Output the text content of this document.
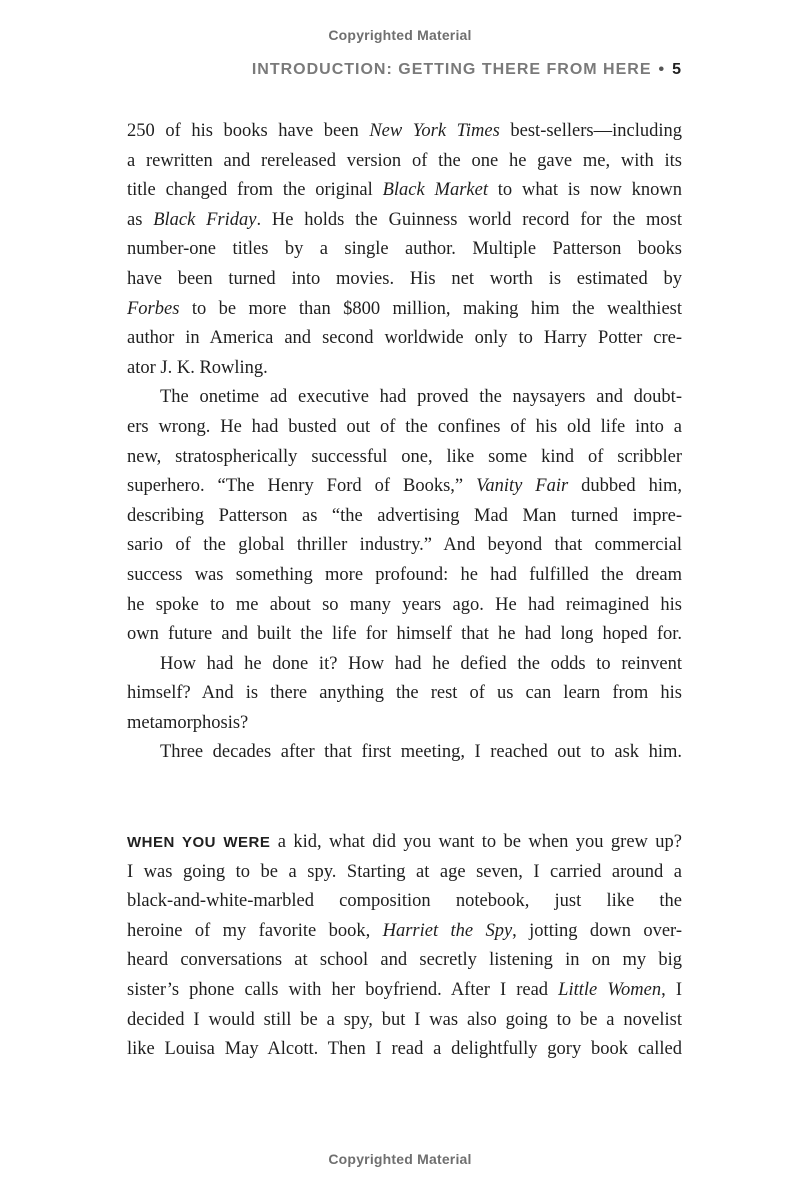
Copyrighted Material
INTRODUCTION: GETTING THERE FROM HERE • 5
250 of his books have been New York Times best-sellers—including
a rewritten and rereleased version of the one he gave me, with its
title changed from the original Black Market to what is now known
as Black Friday. He holds the Guinness world record for the most
number-one titles by a single author. Multiple Patterson books
have been turned into movies. His net worth is estimated by
Forbes to be more than $800 million, making him the wealthiest
author in America and second worldwide only to Harry Potter cre-
ator J. K. Rowling.
The onetime ad executive had proved the naysayers and doubt-
ers wrong. He had busted out of the confines of his old life into a
new, stratospherically successful one, like some kind of scribbler
superhero. “The Henry Ford of Books,” Vanity Fair dubbed him,
describing Patterson as “the advertising Mad Man turned impre-
sario of the global thriller industry.” And beyond that commercial
success was something more profound: he had fulfilled the dream
he spoke to me about so many years ago. He had reimagined his
own future and built the life for himself that he had long hoped for.
How had he done it? How had he defied the odds to reinvent
himself? And is there anything the rest of us can learn from his
metamorphosis?
Three decades after that first meeting, I reached out to ask him.
WHEN YOU WERE a kid, what did you want to be when you grew up?
I was going to be a spy. Starting at age seven, I carried around a
black-and-white-marbled composition notebook, just like the
heroine of my favorite book, Harriet the Spy, jotting down over-
heard conversations at school and secretly listening in on my big
sister’s phone calls with her boyfriend. After I read Little Women, I
decided I would still be a spy, but I was also going to be a novelist
like Louisa May Alcott. Then I read a delightfully gory book called
Copyrighted Material
